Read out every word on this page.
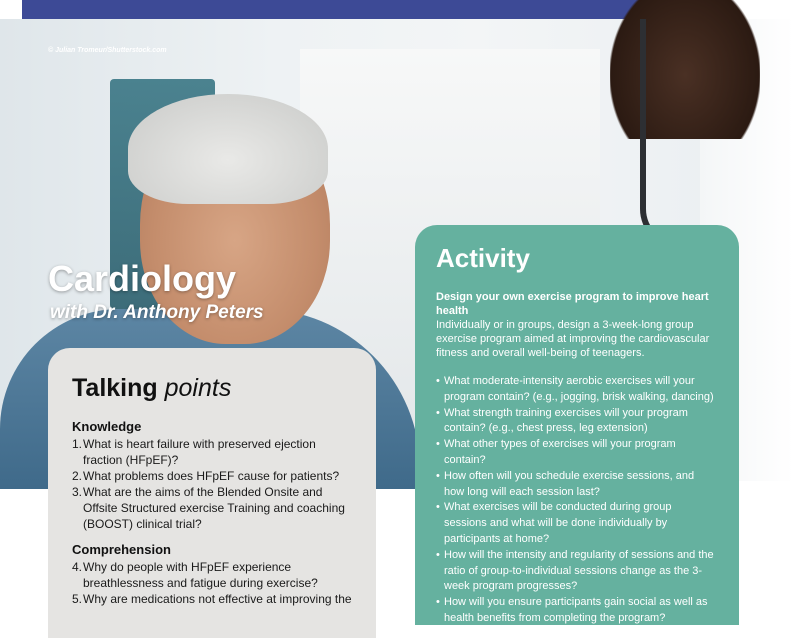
© Julian Tromeur/Shutterstock.com
Cardiology
with Dr. Anthony Peters
Talking points
Knowledge
1. What is heart failure with preserved ejection fraction (HFpEF)?
2. What problems does HFpEF cause for patients?
3. What are the aims of the Blended Onsite and Offsite Structured exercise Training and coaching (BOOST) clinical trial?
Comprehension
4. Why do people with HFpEF experience breathlessness and fatigue during exercise?
5. Why are medications not effective at improving the
Activity

Design your own exercise program to improve heart health

Individually or in groups, design a 3-week-long group exercise program aimed at improving the cardiovascular fitness and overall well-being of teenagers.

• What moderate-intensity aerobic exercises will your program contain? (e.g., jogging, brisk walking, dancing)
• What strength training exercises will your program contain? (e.g., chest press, leg extension)
• What other types of exercises will your program contain?
• How often will you schedule exercise sessions, and how long will each session last?
• What exercises will be conducted during group sessions and what will be done individually by participants at home?
• How will the intensity and regularity of sessions and the ratio of group-to-individual sessions change as the 3-week program progresses?
• How will you ensure participants gain social as well as health benefits from completing the program?
